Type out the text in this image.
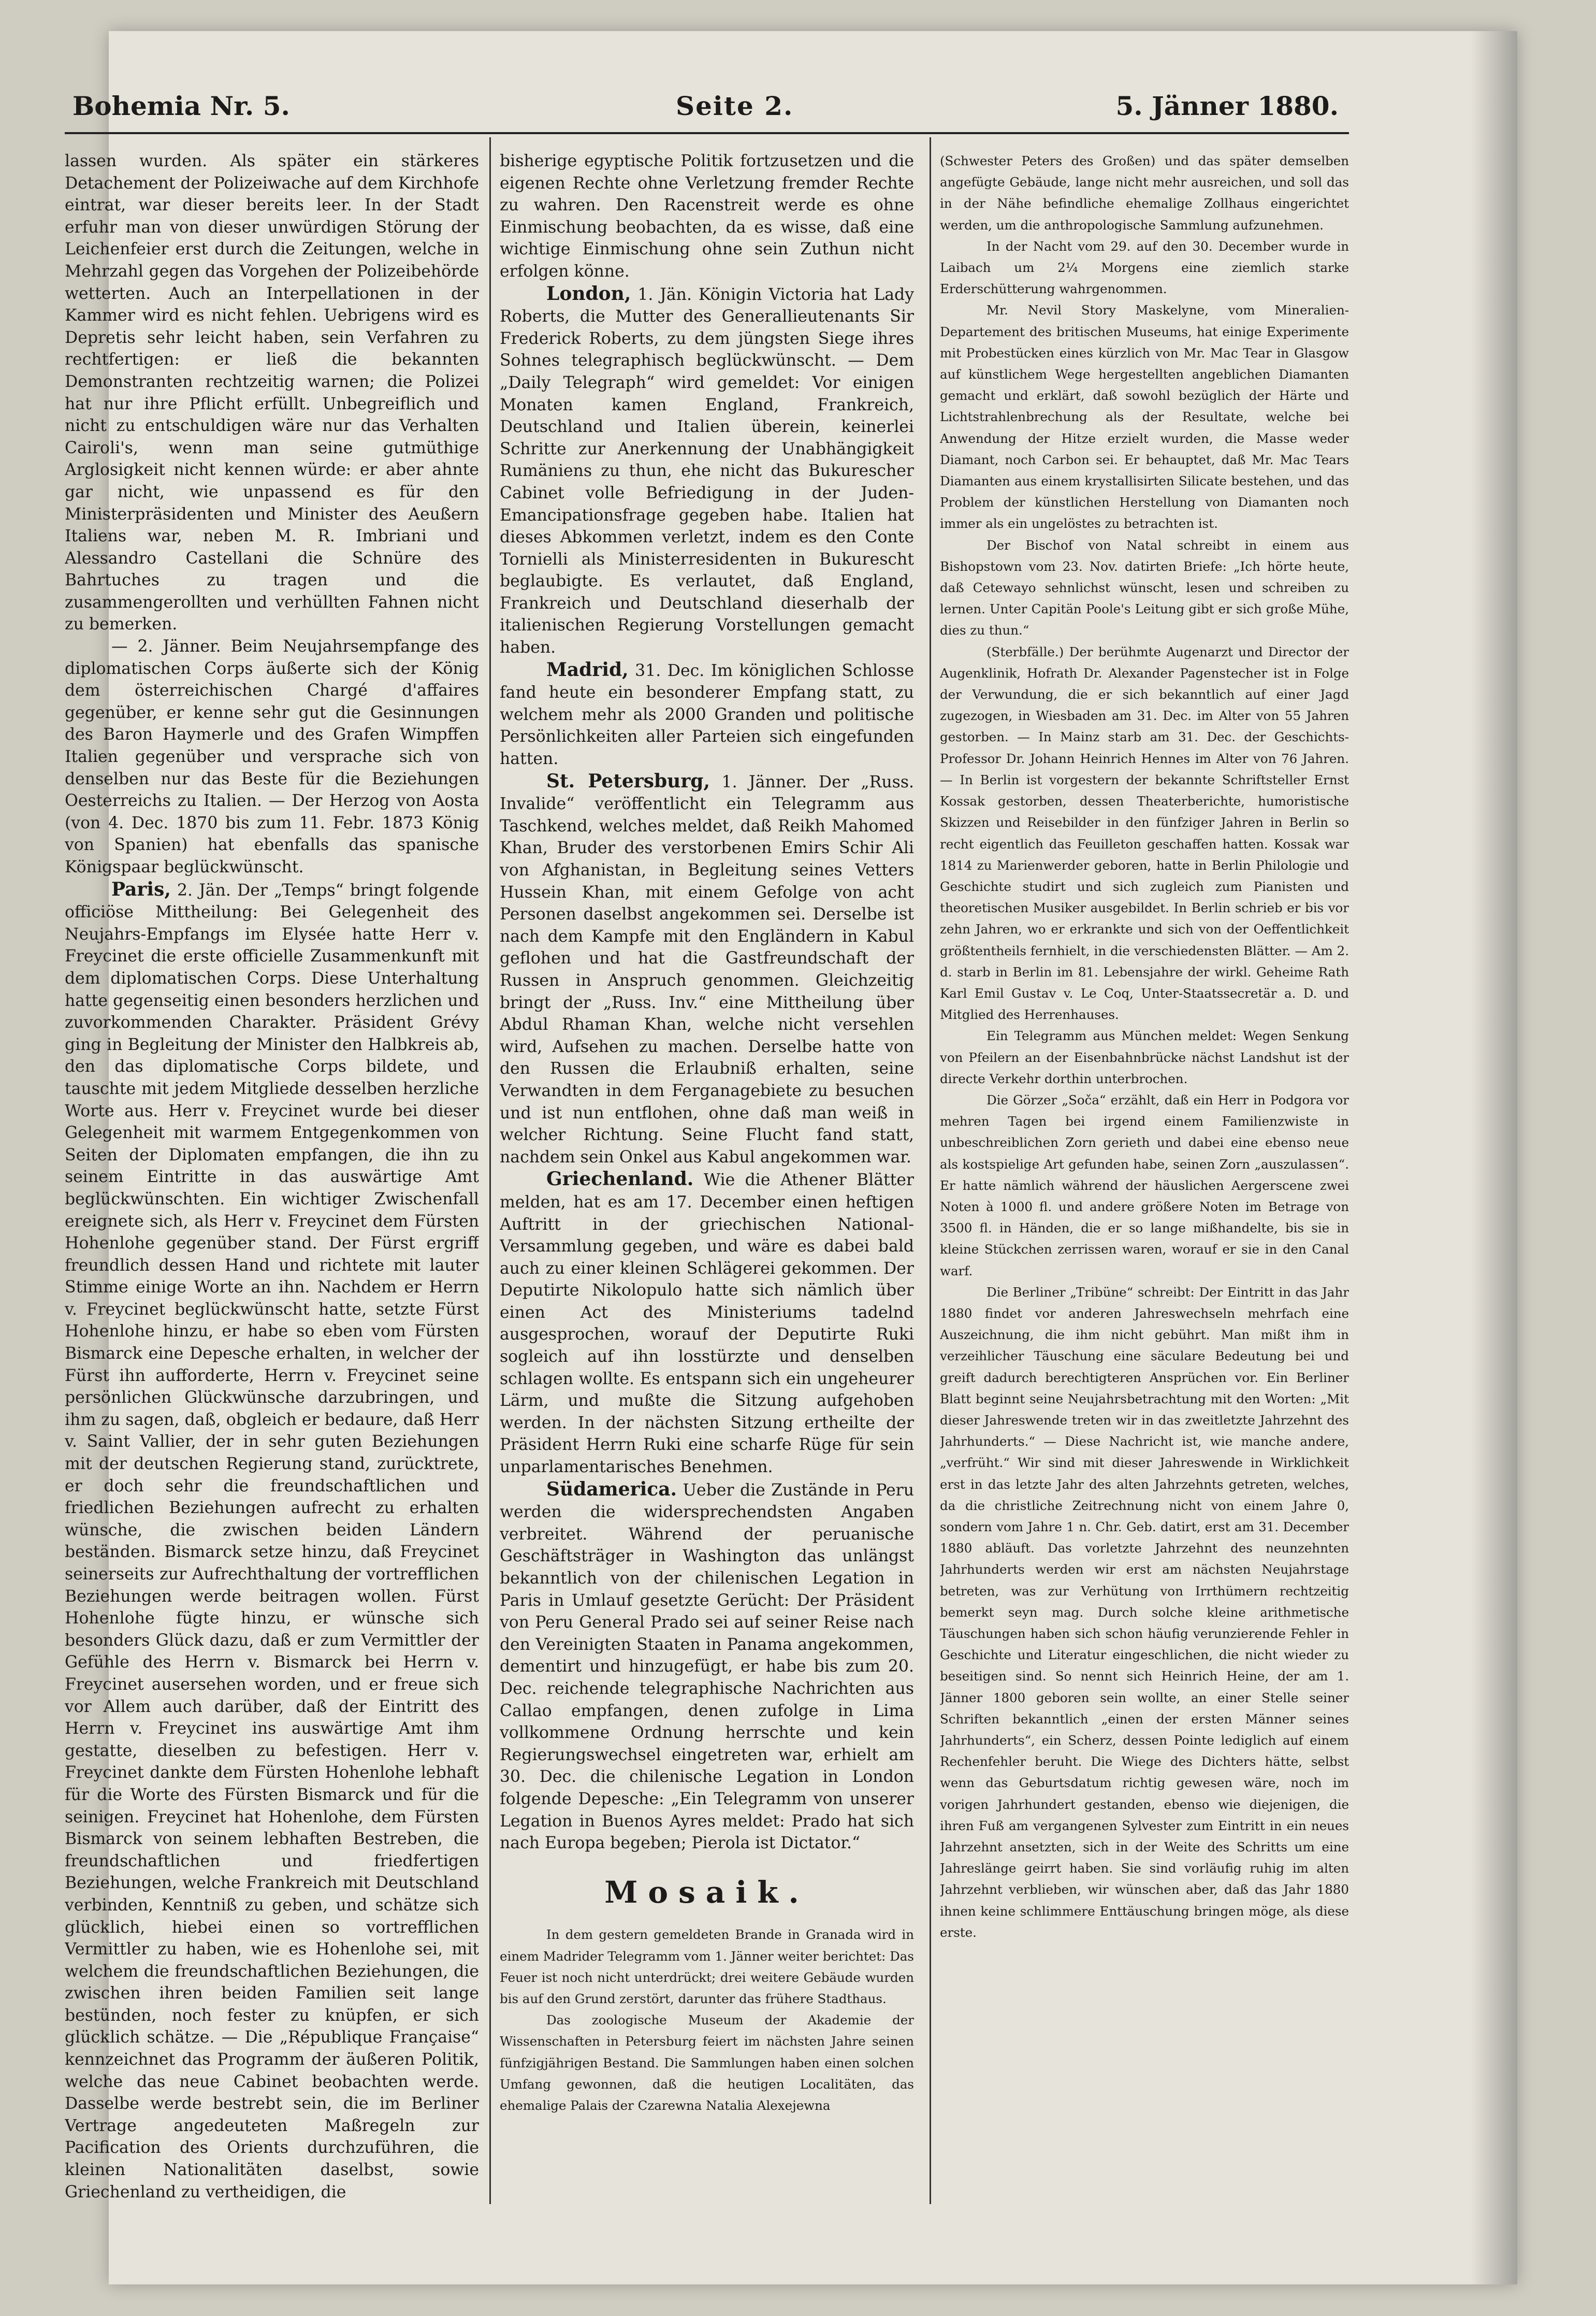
Bohemia Nr. 5.	Seite 2.	5. Jänner 1880.

lassen wurden. Als später ein stärkeres Detachement der Polizeiwache auf dem Kirchhofe eintrat, war dieser bereits leer. In der Stadt erfuhr man von dieser unwürdigen Störung der Leichenfeier erst durch die Zeitungen, welche in Mehrzahl gegen das Vorgehen der Polizeibehörde wetterten. Auch an Interpellationen in der Kammer wird es nicht fehlen. Uebrigens wird es Depretis sehr leicht haben, sein Verfahren zu rechtfertigen: er ließ die bekannten Demonstranten rechtzeitig warnen; die Polizei hat nur ihre Pflicht erfüllt. Unbegreiflich und nicht zu entschuldigen wäre nur das Verhalten Cairoli's, wenn man seine gutmüthige Arglosigkeit nicht kennen würde: er aber ahnte gar nicht, wie unpassend es für den Ministerpräsidenten und Minister des Aeußern Italiens war, neben M. R. Imbriani und Alessandro Castellani die Schnüre des Bahrtuches zu tragen und die zusammengerollten und verhüllten Fahnen nicht zu bemerken.

— 2. Jänner. Beim Neujahrsempfange des diplomatischen Corps äußerte sich der König dem österreichischen Chargé d'affaires gegenüber, er kenne sehr gut die Gesinnungen des Baron Haymerle und des Grafen Wimpffen Italien gegenüber und versprache sich von denselben nur das Beste für die Beziehungen Oesterreichs zu Italien. — Der Herzog von Aosta (von 4. Dec. 1870 bis zum 11. Febr. 1873 König von Spanien) hat ebenfalls das spanische Königspaar beglückwünscht.

Paris, 2. Jän. Der „Temps“ bringt folgende officiöse Mittheilung: Bei Gelegenheit des Neujahrs-Empfangs im Elysée hatte Herr v. Freycinet die erste officielle Zusammenkunft mit dem diplomatischen Corps. Diese Unterhaltung hatte gegenseitig einen besonders herzlichen und zuvorkommenden Charakter. Präsident Grévy ging in Begleitung der Minister den Halbkreis ab, den das diplomatische Corps bildete, und tauschte mit jedem Mitgliede desselben herzliche Worte aus. Herr v. Freycinet wurde bei dieser Gelegenheit mit warmem Entgegenkommen von Seiten der Diplomaten empfangen, die ihn zu seinem Eintritte in das auswärtige Amt beglückwünschten. Ein wichtiger Zwischenfall ereignete sich, als Herr v. Freycinet dem Fürsten Hohenlohe gegenüber stand. Der Fürst ergriff freundlich dessen Hand und richtete mit lauter Stimme einige Worte an ihn. Nachdem er Herrn v. Freycinet beglückwünscht hatte, setzte Fürst Hohenlohe hinzu, er habe so eben vom Fürsten Bismarck eine Depesche erhalten, in welcher der Fürst ihn aufforderte, Herrn v. Freycinet seine persönlichen Glückwünsche darzubringen, und ihm zu sagen, daß, obgleich er bedaure, daß Herr v. Saint Vallier, der in sehr guten Beziehungen mit der deutschen Regierung stand, zurücktrete, er doch sehr die freundschaftlichen und friedlichen Beziehungen aufrecht zu erhalten wünsche, die zwischen beiden Ländern beständen. Bismarck setze hinzu, daß Freycinet seinerseits zur Aufrechthaltung der vortrefflichen Beziehungen werde beitragen wollen. Fürst Hohenlohe fügte hinzu, er wünsche sich besonders Glück dazu, daß er zum Vermittler der Gefühle des Herrn v. Bismarck bei Herrn v. Freycinet ausersehen worden, und er freue sich vor Allem auch darüber, daß der Eintritt des Herrn v. Freycinet ins auswärtige Amt ihm gestatte, dieselben zu befestigen. Herr v. Freycinet dankte dem Fürsten Hohenlohe lebhaft für die Worte des Fürsten Bismarck und für die seinigen. Freycinet hat Hohenlohe, dem Fürsten Bismarck von seinem lebhaften Bestreben, die freundschaftlichen und friedfertigen Beziehungen, welche Frankreich mit Deutschland verbinden, Kenntniß zu geben, und schätze sich glücklich, hiebei einen so vortrefflichen Vermittler zu haben, wie es Hohenlohe sei, mit welchem die freundschaftlichen Beziehungen, die zwischen ihren beiden Familien seit lange bestünden, noch fester zu knüpfen, er sich glücklich schätze. — Die „République Française“ kennzeichnet das Programm der äußeren Politik, welche das neue Cabinet beobachten werde. Dasselbe werde bestrebt sein, die im Berliner Vertrage angedeuteten Maßregeln zur Pacification des Orients durchzuführen, die kleinen Nationalitäten daselbst, sowie Griechenland zu vertheidigen, die

bisherige egyptische Politik fortzusetzen und die eigenen Rechte ohne Verletzung fremder Rechte zu wahren. Den Racenstreit werde es ohne Einmischung beobachten, da es wisse, daß eine wichtige Einmischung ohne sein Zuthun nicht erfolgen könne.

London, 1. Jän. Königin Victoria hat Lady Roberts, die Mutter des Generallieutenants Sir Frederick Roberts, zu dem jüngsten Siege ihres Sohnes telegraphisch beglückwünscht. — Dem „Daily Telegraph“ wird gemeldet: Vor einigen Monaten kamen England, Frankreich, Deutschland und Italien überein, keinerlei Schritte zur Anerkennung der Unabhängigkeit Rumäniens zu thun, ehe nicht das Bukurescher Cabinet volle Befriedigung in der Juden-Emancipationsfrage gegeben habe. Italien hat dieses Abkommen verletzt, indem es den Conte Tornielli als Ministerresidenten in Bukurescht beglaubigte. Es verlautet, daß England, Frankreich und Deutschland dieserhalb der italienischen Regierung Vorstellungen gemacht haben.

Madrid, 31. Dec. Im königlichen Schlosse fand heute ein besonderer Empfang statt, zu welchem mehr als 2000 Granden und politische Persönlichkeiten aller Parteien sich eingefunden hatten.

St. Petersburg, 1. Jänner. Der „Russ. Invalide“ veröffentlicht ein Telegramm aus Taschkend, welches meldet, daß Reikh Mahomed Khan, Bruder des verstorbenen Emirs Schir Ali von Afghanistan, in Begleitung seines Vetters Hussein Khan, mit einem Gefolge von acht Personen daselbst angekommen sei. Derselbe ist nach dem Kampfe mit den Engländern in Kabul geflohen und hat die Gastfreundschaft der Russen in Anspruch genommen. Gleichzeitig bringt der „Russ. Inv.“ eine Mittheilung über Abdul Rhaman Khan, welche nicht versehlen wird, Aufsehen zu machen. Derselbe hatte von den Russen die Erlaubniß erhalten, seine Verwandten in dem Ferganagebiete zu besuchen und ist nun entflohen, ohne daß man weiß in welcher Richtung. Seine Flucht fand statt, nachdem sein Onkel aus Kabul angekommen war.

Griechenland. Wie die Athener Blätter melden, hat es am 17. December einen heftigen Auftritt in der griechischen National-Versammlung gegeben, und wäre es dabei bald auch zu einer kleinen Schlägerei gekommen. Der Deputirte Nikolopulo hatte sich nämlich über einen Act des Ministeriums tadelnd ausgesprochen, worauf der Deputirte Ruki sogleich auf ihn losstürzte und denselben schlagen wollte. Es entspann sich ein ungeheurer Lärm, und mußte die Sitzung aufgehoben werden. In der nächsten Sitzung ertheilte der Präsident Herrn Ruki eine scharfe Rüge für sein unparlamentarisches Benehmen.

Südamerica. Ueber die Zustände in Peru werden die widersprechendsten Angaben verbreitet. Während der peruanische Geschäftsträger in Washington das unlängst bekanntlich von der chilenischen Legation in Paris in Umlauf gesetzte Gerücht: Der Präsident von Peru General Prado sei auf seiner Reise nach den Vereinigten Staaten in Panama angekommen, dementirt und hinzugefügt, er habe bis zum 20. Dec. reichende telegraphische Nachrichten aus Callao empfangen, denen zufolge in Lima vollkommene Ordnung herrschte und kein Regierungswechsel eingetreten war, erhielt am 30. Dec. die chilenische Legation in London folgende Depesche: „Ein Telegramm von unserer Legation in Buenos Ayres meldet: Prado hat sich nach Europa begeben; Pierola ist Dictator.“

Mosaik.

In dem gestern gemeldeten Brande in Granada wird in einem Madrider Telegramm vom 1. Jänner weiter berichtet: Das Feuer ist noch nicht unterdrückt; drei weitere Gebäude wurden bis auf den Grund zerstört, darunter das frühere Stadthaus.

Das zoologische Museum der Akademie der Wissenschaften in Petersburg feiert im nächsten Jahre seinen fünfzigjährigen Bestand. Die Sammlungen haben einen solchen Umfang gewonnen, daß die heutigen Localitäten, das ehemalige Palais der Czarewna Natalia Alexejewna

(Schwester Peters des Großen) und das später demselben angefügte Gebäude, lange nicht mehr ausreichen, und soll das in der Nähe befindliche ehemalige Zollhaus eingerichtet werden, um die anthropologische Sammlung aufzunehmen.

In der Nacht vom 29. auf den 30. December wurde in Laibach um 2¼ Morgens eine ziemlich starke Erderschütterung wahrgenommen.

Mr. Nevil Story Maskelyne, vom Mineralien-Departement des britischen Museums, hat einige Experimente mit Probestücken eines kürzlich von Mr. Mac Tear in Glasgow auf künstlichem Wege hergestellten angeblichen Diamanten gemacht und erklärt, daß sowohl bezüglich der Härte und Lichtstrahlenbrechung als der Resultate, welche bei Anwendung der Hitze erzielt wurden, die Masse weder Diamant, noch Carbon sei. Er behauptet, daß Mr. Mac Tears Diamanten aus einem krystallisirten Silicate bestehen, und das Problem der künstlichen Herstellung von Diamanten noch immer als ein ungelöstes zu betrachten ist.

Der Bischof von Natal schreibt in einem aus Bishopstown vom 23. Nov. datirten Briefe: „Ich hörte heute, daß Cetewayo sehnlichst wünscht, lesen und schreiben zu lernen. Unter Capitän Poole's Leitung gibt er sich große Mühe, dies zu thun.“

(Sterbfälle.) Der berühmte Augenarzt und Director der Augenklinik, Hofrath Dr. Alexander Pagenstecher ist in Folge der Verwundung, die er sich bekanntlich auf einer Jagd zugezogen, in Wiesbaden am 31. Dec. im Alter von 55 Jahren gestorben. — In Mainz starb am 31. Dec. der Geschichts-Professor Dr. Johann Heinrich Hennes im Alter von 76 Jahren. — In Berlin ist vorgestern der bekannte Schriftsteller Ernst Kossak gestorben, dessen Theaterberichte, humoristische Skizzen und Reisebilder in den fünfziger Jahren in Berlin so recht eigentlich das Feuilleton geschaffen hatten. Kossak war 1814 zu Marienwerder geboren, hatte in Berlin Philologie und Geschichte studirt und sich zugleich zum Pianisten und theoretischen Musiker ausgebildet. In Berlin schrieb er bis vor zehn Jahren, wo er erkrankte und sich von der Oeffentlichkeit größtentheils fernhielt, in die verschiedensten Blätter. — Am 2. d. starb in Berlin im 81. Lebensjahre der wirkl. Geheime Rath Karl Emil Gustav v. Le Coq, Unter-Staatssecretär a. D. und Mitglied des Herrenhauses.

Ein Telegramm aus München meldet: Wegen Senkung von Pfeilern an der Eisenbahnbrücke nächst Landshut ist der directe Verkehr dorthin unterbrochen.

Die Görzer „Soča“ erzählt, daß ein Herr in Podgora vor mehren Tagen bei irgend einem Familienzwiste in unbeschreiblichen Zorn gerieth und dabei eine ebenso neue als kostspielige Art gefunden habe, seinen Zorn „auszulassen“. Er hatte nämlich während der häuslichen Aergerscene zwei Noten à 1000 fl. und andere größere Noten im Betrage von 3500 fl. in Händen, die er so lange mißhandelte, bis sie in kleine Stückchen zerrissen waren, worauf er sie in den Canal warf.

Die Berliner „Tribüne“ schreibt: Der Eintritt in das Jahr 1880 findet vor anderen Jahreswechseln mehrfach eine Auszeichnung, die ihm nicht gebührt. Man mißt ihm in verzeihlicher Täuschung eine säculare Bedeutung bei und greift dadurch berechtigteren Ansprüchen vor. Ein Berliner Blatt beginnt seine Neujahrsbetrachtung mit den Worten: „Mit dieser Jahreswende treten wir in das zweitletzte Jahrzehnt des Jahrhunderts.“ — Diese Nachricht ist, wie manche andere, „verfrüht.“ Wir sind mit dieser Jahreswende in Wirklichkeit erst in das letzte Jahr des alten Jahrzehnts getreten, welches, da die christliche Zeitrechnung nicht von einem Jahre 0, sondern vom Jahre 1 n. Chr. Geb. datirt, erst am 31. December 1880 abläuft. Das vorletzte Jahrzehnt des neunzehnten Jahrhunderts werden wir erst am nächsten Neujahrstage betreten, was zur Verhütung von Irrthümern rechtzeitig bemerkt seyn mag. Durch solche kleine arithmetische Täuschungen haben sich schon häufig verunzierende Fehler in Geschichte und Literatur eingeschlichen, die nicht wieder zu beseitigen sind. So nennt sich Heinrich Heine, der am 1. Jänner 1800 geboren sein wollte, an einer Stelle seiner Schriften bekanntlich „einen der ersten Männer seines Jahrhunderts“, ein Scherz, dessen Pointe lediglich auf einem Rechenfehler beruht. Die Wiege des Dichters hätte, selbst wenn das Geburtsdatum richtig gewesen wäre, noch im vorigen Jahrhundert gestanden, ebenso wie diejenigen, die ihren Fuß am vergangenen Sylvester zum Eintritt in ein neues Jahrzehnt ansetzten, sich in der Weite des Schritts um eine Jahreslänge geirrt haben. Sie sind vorläufig ruhig im alten Jahrzehnt verblieben, wir wünschen aber, daß das Jahr 1880 ihnen keine schlimmere Enttäuschung bringen möge, als diese erste.
